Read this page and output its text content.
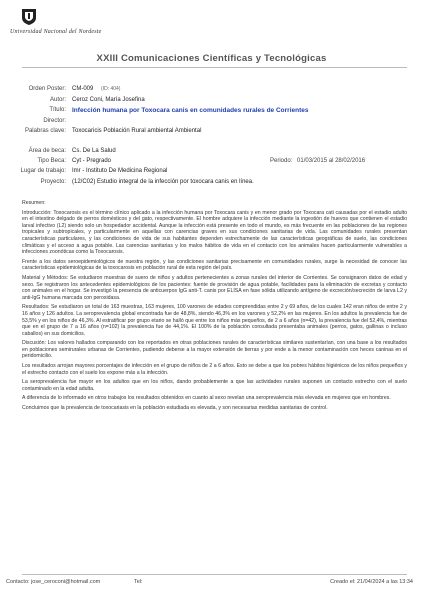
Universidad Nacional del Nordeste
XXIII Comunicaciones Científicas y Tecnológicas
Orden Poster: CM-009 (ID: 404)
Autor: Ceroz Coni, María Josefina
Título: Infección humana por Toxocara canis en comunidades rurales de Corrientes
Director:
Palabras clave: Toxocaricis Población Rural ambiental Ambiental
Área de beca: Cs. De La Salud
Tipo Beca: Cyt - Pregrado	Periodo: 01/03/2015 al 28/02/2016
Lugar de trabajo: Imr - Instituto De Medicina Regional
Proyecto: (12/C02) Estudio integral de la infección por toxocara canis en línea.

Resumen:

Introducción: Toxocarosis es el término clínico aplicado a la infección humana por Toxocara canis y en menor grado por Toxocara cati causadas por el estadio adulto en el intestino delgado de perros domésticos y del gato, respectivamente. El hombre adquiere la infección mediante la ingestión de huevos que contienen el estadio larval infectivo (L2) siendo solo un hospedador accidental. Aunque la infección está presente en todo el mundo, es más frecuente en las poblaciones de las regiones tropicales y subtropicales, y particularmente en aquellas con carencias graves en sus condiciones sanitarias de vida. Las comunidades rurales presentan características particulares, y las condiciones de vida de sus habitantes dependen estrechamente de las características geográficas de suelo, las condiciones climáticas y el acceso a agua potable. Las carencias sanitarias y los malos hábitos de vida en el contacto con los animales hacen particularmente vulnerables a infecciones zoonóticas como la Toxocarosis.

Frente a los datos seroepidemiológicos de nuestra región, y las condiciones sanitarias precisamente en comunidades rurales, surge la necesidad de conocer las características epidemiológicas de la toxocarosis en población rural de esta región del país.

Material y Métodos: Se estudiaron muestras de suero de niños y adultos pertenecientes a zonas rurales del interior de Corrientes. Se consignaron datos de edad y sexo. Se registraron los antecedentes epidemiológicos de los pacientes: fuente de provisión de agua potable, facilidades para la eliminación de excretas y contacto con animales en el hogar. Se investigó la presencia de anticuerpos IgG anti-T. canis por ELISA en fase sólida utilizando antígeno de excreción/secreción de larva L2 y anti-IgG humana marcada con peroxidasa.

Resultados: Se estudiaron un total de 163 muestras, 163 mujeres, 100 varones de edades comprendidas entre 2 y 69 años, de los cuales 142 eran niños de entre 2 y 16 años y 126 adultos. La seroprevalencia global encontrada fue de 48,8%, siendo 46,3% en los varones y 52,2% en las mujeres. En los adultos la prevalencia fue de 53,5% y en los niños de 46,3%. Al estratificar por grupo etario se halló que entre los niños más pequeños, de 2 a 6 años (n=42), la prevalencia fue del 52,4%, mientras que en el grupo de 7 a 16 años (n=102) la prevalencia fue de 44,1%. El 100% de la población consultada presentaba animales (perros, gatos, gallinas o incluso caballos) en sus domicilios.

Discusión: Los valores hallados comparando con los reportados en otras poblaciones rurales de características similares sustentarían, con una base a los resultados en poblaciones semirurales urbanas de Corrientes, pudiendo deberse a la mayor extensión de tierras y por ende a la menor contaminación con heces caninas en el peridomicilio.

Los resultados arrojan mayores porcentajes de infección en el grupo de niños de 2 a 6 años. Esto se debe a que los pobres hábitos higiénicos de los niños pequeños y el estrecho contacto con el suelo los expone más a la infección.

La seroprevalencia fue mayor en los adultos que en los niños, dando probablemente a que las actividades rurales suponen un contacto estrecho con el suelo contaminado en la edad adulta.

A diferencia de lo informado en otros trabajos los resultados obtenidos en cuanto al sexo revelan una seroprevalencia más elevada en mujeres que en hombres.

Concluimos que la prevalencia de toxocariasis en la población estudiada es elevada, y son necesarias medidas sanitarias de control.

Contacto: jose_ceroconi@hotmail.com	Tel:	Creado el: 21/04/2024 a las 13:34
